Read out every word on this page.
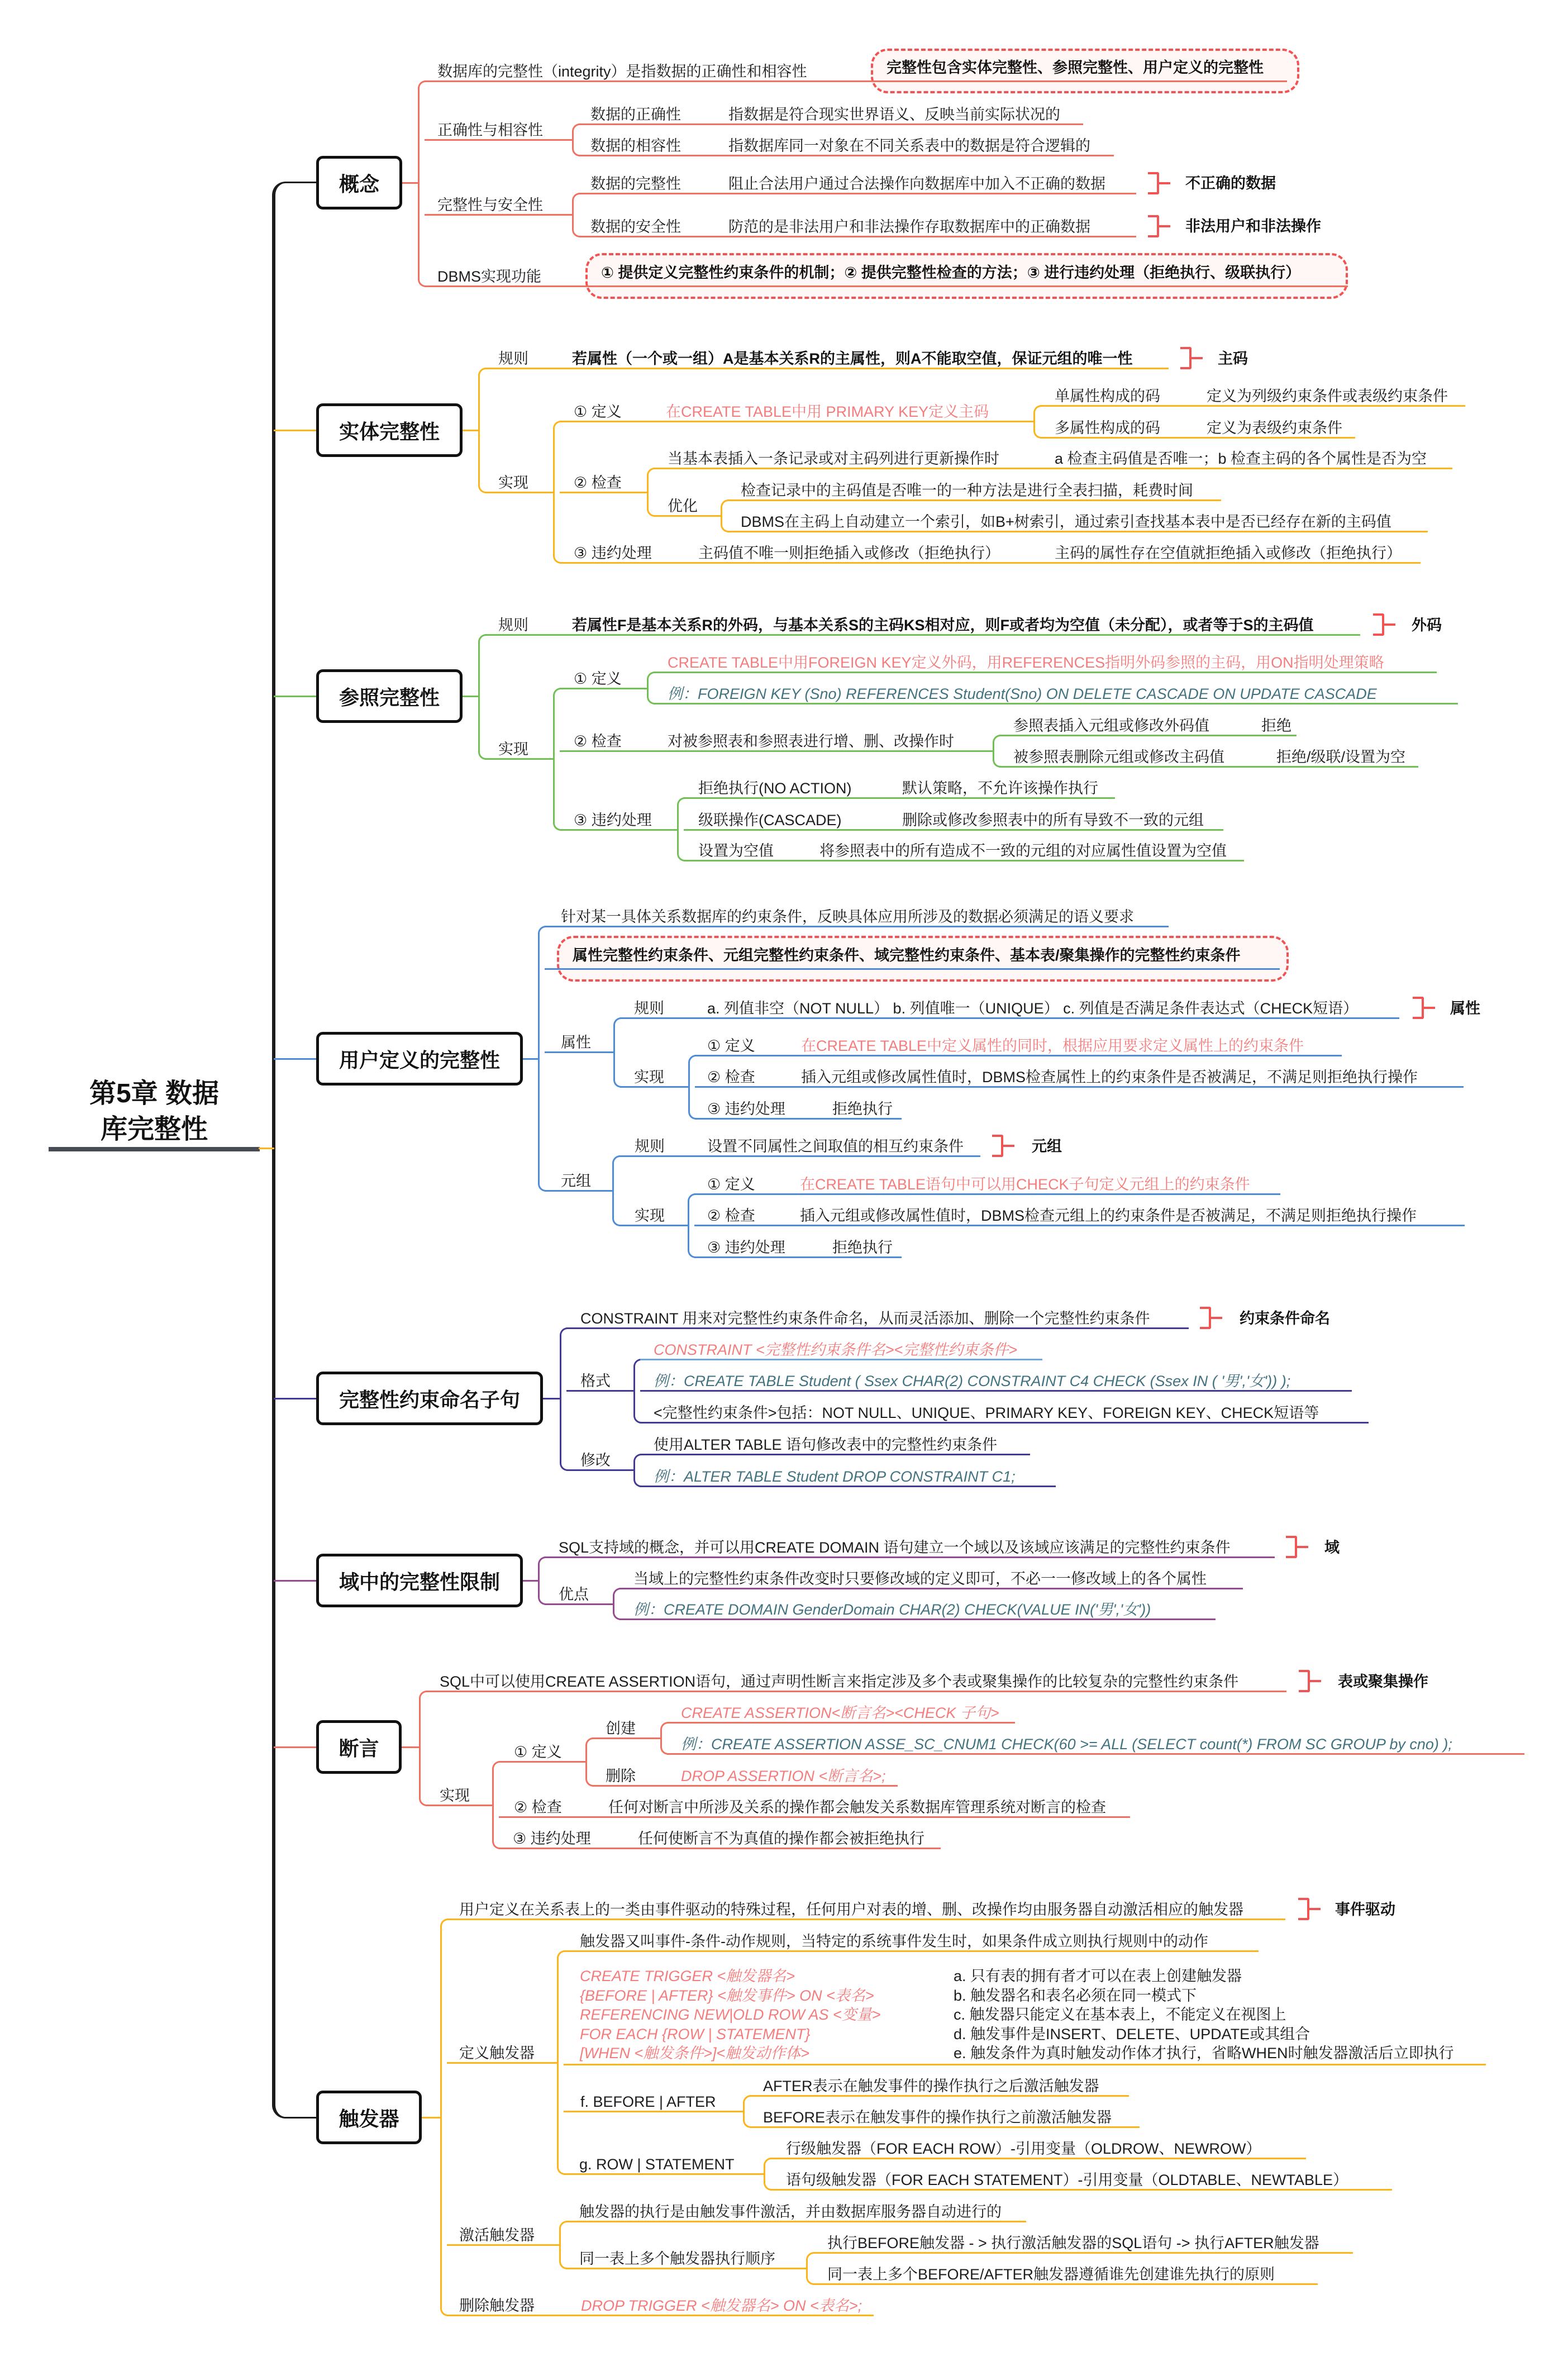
第5章 数据
库完整性
概念
实体完整性
参照完整性
用户定义的完整性
完整性约束命名子句
域中的完整性限制
断言
触发器
完整性包含实体完整性、参照完整性、用户定义的完整性
数据库的完整性（integrity）是指数据的正确性和相容性
正确性与相容性
数据的正确性	指数据是符合现实世界语义、反映当前实际状况的
数据的相容性	指数据库同一对象在不同关系表中的数据是符合逻辑的
完整性与安全性
数据的完整性	阻止合法用户通过合法操作向数据库中加入不正确的数据	不正确的数据
数据的安全性	防范的是非法用户和非法操作存取数据库中的正确数据	非法用户和非法操作
① 提供定义完整性约束条件的机制；② 提供完整性检查的方法；③ 进行违约处理（拒绝执行、级联执行）
DBMS实现功能
规则	若属性（一个或一组）A是基本关系R的主属性，则A不能取空值，保证元组的唯一性	主码
实现
① 定义	在CREATE TABLE中用 PRIMARY KEY定义主码
单属性构成的码	定义为列级约束条件或表级约束条件
多属性构成的码	定义为表级约束条件
② 检查
当基本表插入一条记录或对主码列进行更新操作时	a 检查主码值是否唯一；b 检查主码的各个属性是否为空
优化
检查记录中的主码值是否唯一的一种方法是进行全表扫描，耗费时间
DBMS在主码上自动建立一个索引，如B+树索引，通过索引查找基本表中是否已经存在新的主码值
③ 违约处理	主码值不唯一则拒绝插入或修改（拒绝执行）	主码的属性存在空值就拒绝插入或修改（拒绝执行）
规则	若属性F是基本关系R的外码，与基本关系S的主码KS相对应，则F或者均为空值（未分配），或者等于S的主码值	外码
实现
① 定义
CREATE TABLE中用FOREIGN KEY定义外码，用REFERENCES指明外码参照的主码，用ON指明处理策略
例：FOREIGN KEY (Sno) REFERENCES Student(Sno) ON DELETE CASCADE ON UPDATE CASCADE
② 检查	对被参照表和参照表进行增、删、改操作时
参照表插入元组或修改外码值	拒绝
被参照表删除元组或修改主码值	拒绝/级联/设置为空
③ 违约处理
拒绝执行(NO ACTION)	默认策略，不允许该操作执行
级联操作(CASCADE)	删除或修改参照表中的所有导致不一致的元组
设置为空值	将参照表中的所有造成不一致的元组的对应属性值设置为空值
针对某一具体关系数据库的约束条件，反映具体应用所涉及的数据必须满足的语义要求
属性完整性约束条件、元组完整性约束条件、域完整性约束条件、基本表/聚集操作的完整性约束条件
属性
规则	a. 列值非空（NOT NULL） b. 列值唯一（UNIQUE） c. 列值是否满足条件表达式（CHECK短语）	属性
实现
① 定义	在CREATE TABLE中定义属性的同时，根据应用要求定义属性上的约束条件
② 检查	插入元组或修改属性值时，DBMS检查属性上的约束条件是否被满足，不满足则拒绝执行操作
③ 违约处理	拒绝执行
元组
规则	设置不同属性之间取值的相互约束条件	元组
实现
① 定义	在CREATE TABLE语句中可以用CHECK子句定义元组上的约束条件
② 检查	插入元组或修改属性值时，DBMS检查元组上的约束条件是否被满足，不满足则拒绝执行操作
③ 违约处理	拒绝执行
CONSTRAINT 用来对完整性约束条件命名，从而灵活添加、删除一个完整性约束条件	约束条件命名
格式
CONSTRAINT <完整性约束条件名><完整性约束条件>
例：CREATE TABLE Student ( Ssex CHAR(2) CONSTRAINT C4 CHECK (Ssex IN ( '男','女')) );
<完整性约束条件>包括：NOT NULL、UNIQUE、PRIMARY KEY、FOREIGN KEY、CHECK短语等
修改
使用ALTER TABLE 语句修改表中的完整性约束条件
例：ALTER TABLE Student DROP CONSTRAINT C1;
SQL支持域的概念，并可以用CREATE DOMAIN 语句建立一个域以及该域应该满足的完整性约束条件	域
优点
当域上的完整性约束条件改变时只要修改域的定义即可，不必一一修改域上的各个属性
例：CREATE DOMAIN GenderDomain CHAR(2) CHECK(VALUE IN('男','女'))
SQL中可以使用CREATE ASSERTION语句，通过声明性断言来指定涉及多个表或聚集操作的比较复杂的完整性约束条件	表或聚集操作
实现
① 定义
创建
CREATE ASSERTION<断言名><CHECK 子句>
例：CREATE ASSERTION ASSE_SC_CNUM1 CHECK(60 >= ALL (SELECT count(*) FROM SC GROUP by cno) );
删除	DROP ASSERTION <断言名>;
② 检查	任何对断言中所涉及关系的操作都会触发关系数据库管理系统对断言的检查
③ 违约处理	任何使断言不为真值的操作都会被拒绝执行
用户定义在关系表上的一类由事件驱动的特殊过程，任何用户对表的增、删、改操作均由服务器自动激活相应的触发器	事件驱动
定义触发器
触发器又叫事件-条件-动作规则，当特定的系统事件发生时，如果条件成立则执行规则中的动作
CREATE TRIGGER <触发器名>
{BEFORE | AFTER} <触发事件> ON <表名>
REFERENCING NEW|OLD ROW AS <变量>
FOR EACH {ROW | STATEMENT}
[WHEN <触发条件>]<触发动作体>
a. 只有表的拥有者才可以在表上创建触发器
b. 触发器名和表名必须在同一模式下
c. 触发器只能定义在基本表上，不能定义在视图上
d. 触发事件是INSERT、DELETE、UPDATE或其组合
e. 触发条件为真时触发动作体才执行，省略WHEN时触发器激活后立即执行
f. BEFORE | AFTER
AFTER表示在触发事件的操作执行之后激活触发器
BEFORE表示在触发事件的操作执行之前激活触发器
g. ROW | STATEMENT
行级触发器（FOR EACH ROW）-引用变量（OLDROW、NEWROW）
语句级触发器（FOR EACH STATEMENT）-引用变量（OLDTABLE、NEWTABLE）
激活触发器
触发器的执行是由触发事件激活，并由数据库服务器自动进行的
同一表上多个触发器执行顺序
执行BEFORE触发器 - > 执行激活触发器的SQL语句 -> 执行AFTER触发器
同一表上多个BEFORE/AFTER触发器遵循谁先创建谁先执行的原则
删除触发器	DROP TRIGGER <触发器名> ON <表名>;
